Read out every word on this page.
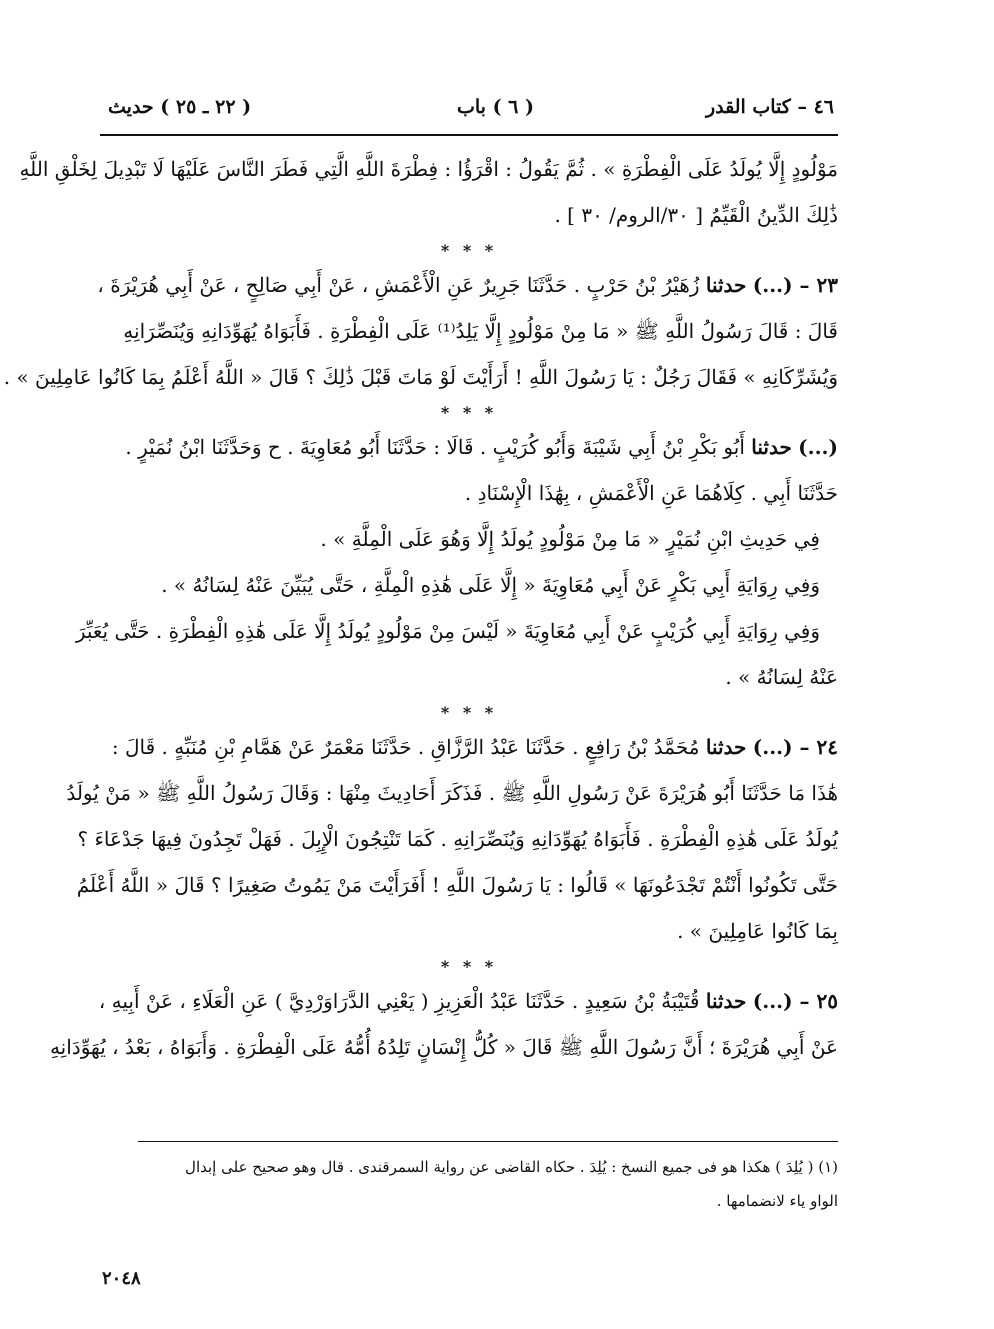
٤٦ – كتاب القدر
( ٦ ) باب
( ٢٢ ـ ٢٥ ) حديث
مَوْلُودٍ إِلَّا يُولَدُ عَلَى الْفِطْرَةِ » . ثُمَّ يَقُولُ : اقْرَؤُا : فِطْرَةَ اللَّهِ الَّتِي فَطَرَ النَّاسَ عَلَيْهَا لَا تَبْدِيلَ لِخَلْقِ اللَّهِ
ذَٰلِكَ الدِّينُ الْقَيِّمُ [ ٣٠/الروم/ ٣٠ ] .
* * *
٢٣ – (...) حدثنا زُهَيْرُ بْنُ حَرْبٍ . حَدَّثَنَا جَرِيرٌ عَنِ الْأَعْمَشِ ، عَنْ أَبِي صَالِحٍ ، عَنْ أَبِي هُرَيْرَةَ ،
قَالَ : قَالَ رَسُولُ اللَّهِ ﷺ « مَا مِنْ مَوْلُودٍ إِلَّا يَلِدُ⁽¹⁾ عَلَى الْفِطْرَةِ . فَأَبَوَاهُ يُهَوِّدَانِهِ وَيُنَصِّرَانِهِ
وَيُشَرِّكَانِهِ » فَقَالَ رَجُلٌ : يَا رَسُولَ اللَّهِ ! أَرَأَيْتَ لَوْ مَاتَ قَبْلَ ذَٰلِكَ ؟ قَالَ « اللَّهُ أَعْلَمُ بِمَا كَانُوا عَامِلِينَ » .
* * *
(...) حدثنا أَبُو بَكْرِ بْنُ أَبِي شَيْبَةَ وَأَبُو كُرَيْبٍ . قَالَا : حَدَّثَنَا أَبُو مُعَاوِيَةَ . ح وَحَدَّثَنَا ابْنُ نُمَيْرٍ .
حَدَّثَنَا أَبِي . كِلَاهُمَا عَنِ الْأَعْمَشِ ، بِهَٰذَا الْإِسْنَادِ .
فِي حَدِيثِ ابْنِ نُمَيْرٍ « مَا مِنْ مَوْلُودٍ يُولَدُ إِلَّا وَهُوَ عَلَى الْمِلَّةِ » .
وَفِي رِوَايَةِ أَبِي بَكْرٍ عَنْ أَبِي مُعَاوِيَةَ « إِلَّا عَلَى هَٰذِهِ الْمِلَّةِ ، حَتَّى يُبَيِّنَ عَنْهُ لِسَانُهُ » .
وَفِي رِوَايَةِ أَبِي كُرَيْبٍ عَنْ أَبِي مُعَاوِيَةَ « لَيْسَ مِنْ مَوْلُودٍ يُولَدُ إِلَّا عَلَى هَٰذِهِ الْفِطْرَةِ . حَتَّى يُعَبِّرَ
عَنْهُ لِسَانُهُ » .
* * *
٢٤ – (...) حدثنا مُحَمَّدُ بْنُ رَافِعٍ . حَدَّثَنَا عَبْدُ الرَّزَّاقِ . حَدَّثَنَا مَعْمَرٌ عَنْ هَمَّامِ بْنِ مُنَبِّهٍ . قَالَ :
هَٰذَا مَا حَدَّثَنَا أَبُو هُرَيْرَةَ عَنْ رَسُولِ اللَّهِ ﷺ . فَذَكَرَ أَحَادِيثَ مِنْهَا : وَقَالَ رَسُولُ اللَّهِ ﷺ « مَنْ يُولَدُ
يُولَدُ عَلَى هَٰذِهِ الْفِطْرَةِ . فَأَبَوَاهُ يُهَوِّدَانِهِ وَيُنَصِّرَانِهِ . كَمَا تَنْتِجُونَ الْإِبِلَ . فَهَلْ تَجِدُونَ فِيهَا جَدْعَاءَ ؟
حَتَّى تَكُونُوا أَنْتُمْ تَجْدَعُونَهَا » قَالُوا : يَا رَسُولَ اللَّهِ ! أَفَرَأَيْتَ مَنْ يَمُوتُ صَغِيرًا ؟ قَالَ « اللَّهُ أَعْلَمُ
بِمَا كَانُوا عَامِلِينَ » .
* * *
٢٥ – (...) حدثنا قُتَيْبَةُ بْنُ سَعِيدٍ . حَدَّثَنَا عَبْدُ الْعَزِيزِ ( يَعْنِي الدَّرَاوَرْدِيَّ ) عَنِ الْعَلَاءِ ، عَنْ أَبِيهِ ،
عَنْ أَبِي هُرَيْرَةَ ؛ أَنَّ رَسُولَ اللَّهِ ﷺ قَالَ « كُلُّ إِنْسَانٍ تَلِدُهُ أُمُّهُ عَلَى الْفِطْرَةِ . وَأَبَوَاهُ ، بَعْدُ ، يُهَوِّدَانِهِ
(١) ( يُلِدَ ) هكذا هو فى جميع النسخ : يُلِدَ . حكاه القاضى عن رواية السمرقندى . قال وهو صحيح على إبدال
الواو ياء لانضمامها .
٢٠٤٨
